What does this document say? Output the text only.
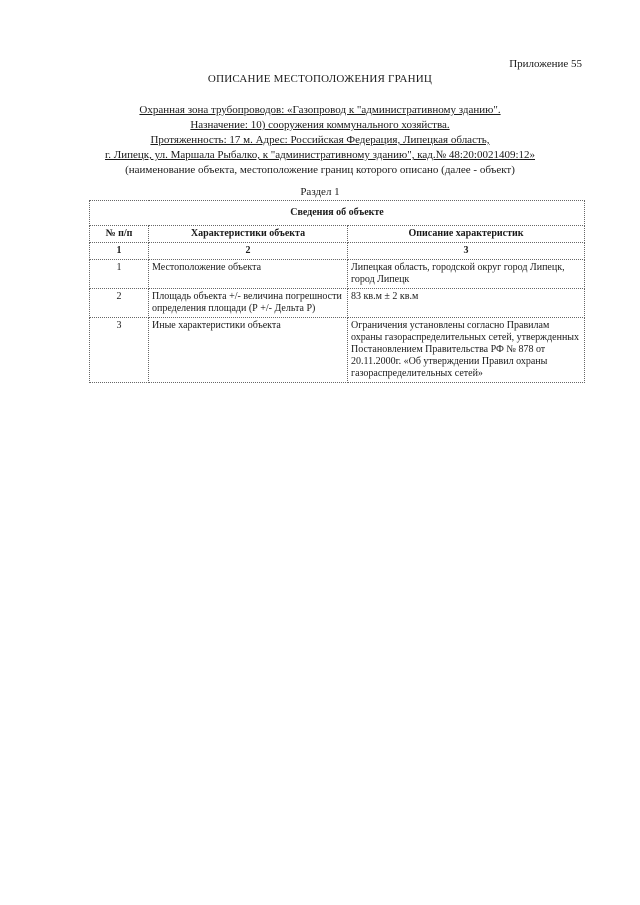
Приложение 55
ОПИСАНИЕ МЕСТОПОЛОЖЕНИЯ ГРАНИЦ
Охранная зона трубопроводов: «Газопровод к "административному зданию".
Назначение: 10) сооружения коммунального хозяйства.
Протяженность: 17 м. Адрес: Российская Федерация, Липецкая область,
г. Липецк, ул. Маршала Рыбалко, к "административному зданию", кад.№ 48:20:0021409:12»
(наименование объекта, местоположение границ которого описано (далее - объект)
Раздел 1
Сведения об объекте		
№ п/п	Характеристики объекта	Описание характеристик
1	2	3
1	Местоположение объекта	Липецкая область, городской округ город Липецк, город Липецк
2	Площадь объекта +/- величина погрешности определения площади (Р +/- Дельта Р)	83 кв.м ± 2 кв.м
3	Иные характеристики объекта	Ограничения установлены согласно Правилам охраны газораспределительных сетей, утвержденных Постановлением Правительства РФ № 878 от 20.11.2000г. «Об утверждении Правил охраны газораспределительных сетей»
